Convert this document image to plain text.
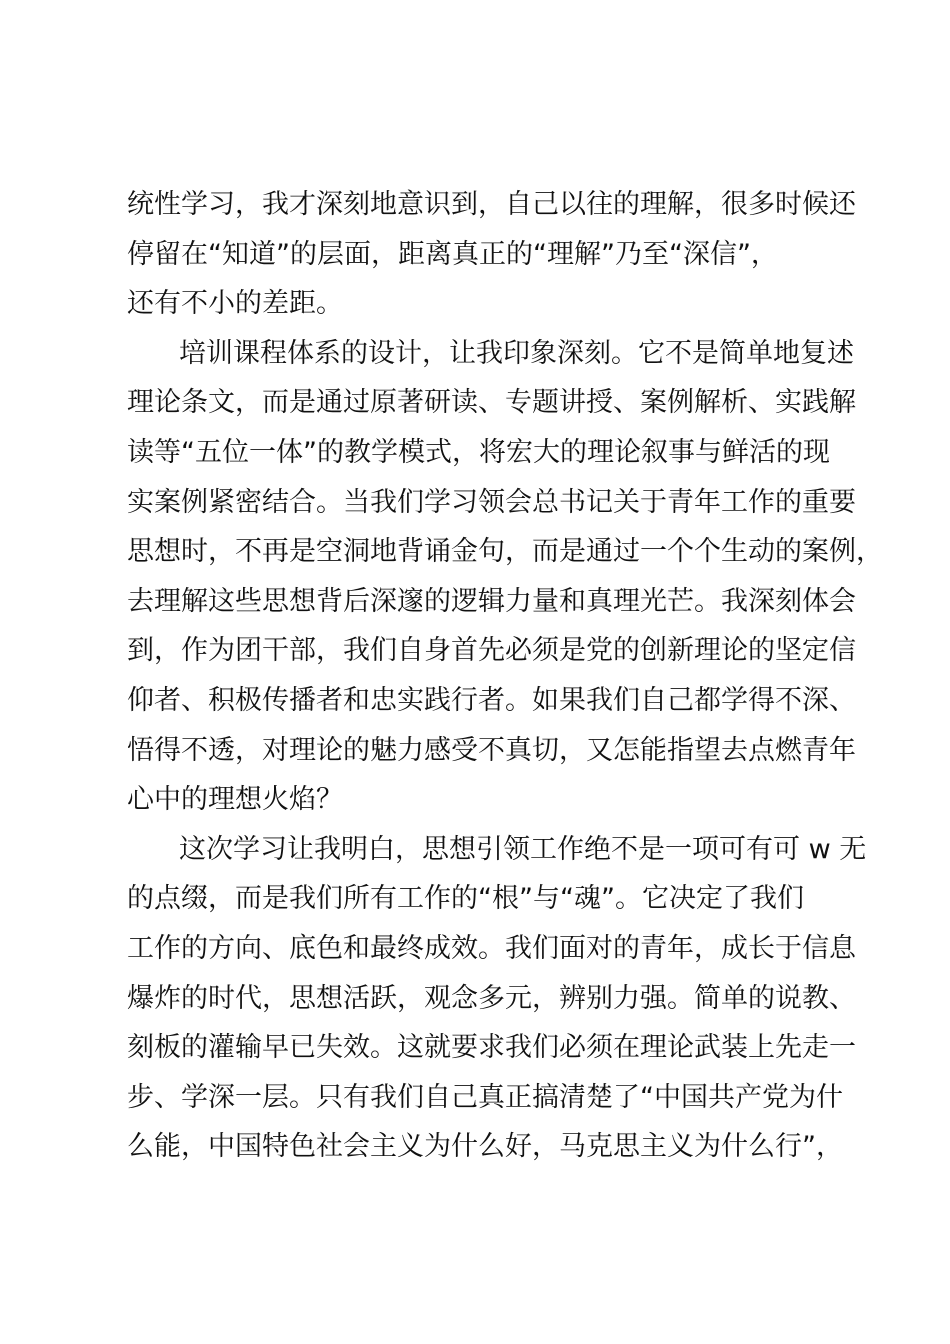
统性学习，我才深刻地意识到，自己以往的理解，很多时候还
停留在“知道”的层面，距离真正的“理解”乃至“深信”，
还有不小的差距。
培训课程体系的设计，让我印象深刻。它不是简单地复述
理论条文，而是通过原著研读、专题讲授、案例解析、实践解
读等“五位一体”的教学模式，将宏大的理论叙事与鲜活的现
实案例紧密结合。当我们学习领会总书记关于青年工作的重要
思想时，不再是空洞地背诵金句，而是通过一个个生动的案例，
去理解这些思想背后深邃的逻辑力量和真理光芒。我深刻体会
到，作为团干部，我们自身首先必须是党的创新理论的坚定信
仰者、积极传播者和忠实践行者。如果我们自己都学得不深、
悟得不透，对理论的魅力感受不真切，又怎能指望去点燃青年
心中的理想火焰？
这次学习让我明白，思想引领工作绝不是一项可有可 w 无
的点缀，而是我们所有工作的“根”与“魂”。它决定了我们
工作的方向、底色和最终成效。我们面对的青年，成长于信息
爆炸的时代，思想活跃，观念多元，辨别力强。简单的说教、
刻板的灌输早已失效。这就要求我们必须在理论武装上先走一
步、学深一层。只有我们自己真正搞清楚了“中国共产党为什
么能，中国特色社会主义为什么好，马克思主义为什么行”，
